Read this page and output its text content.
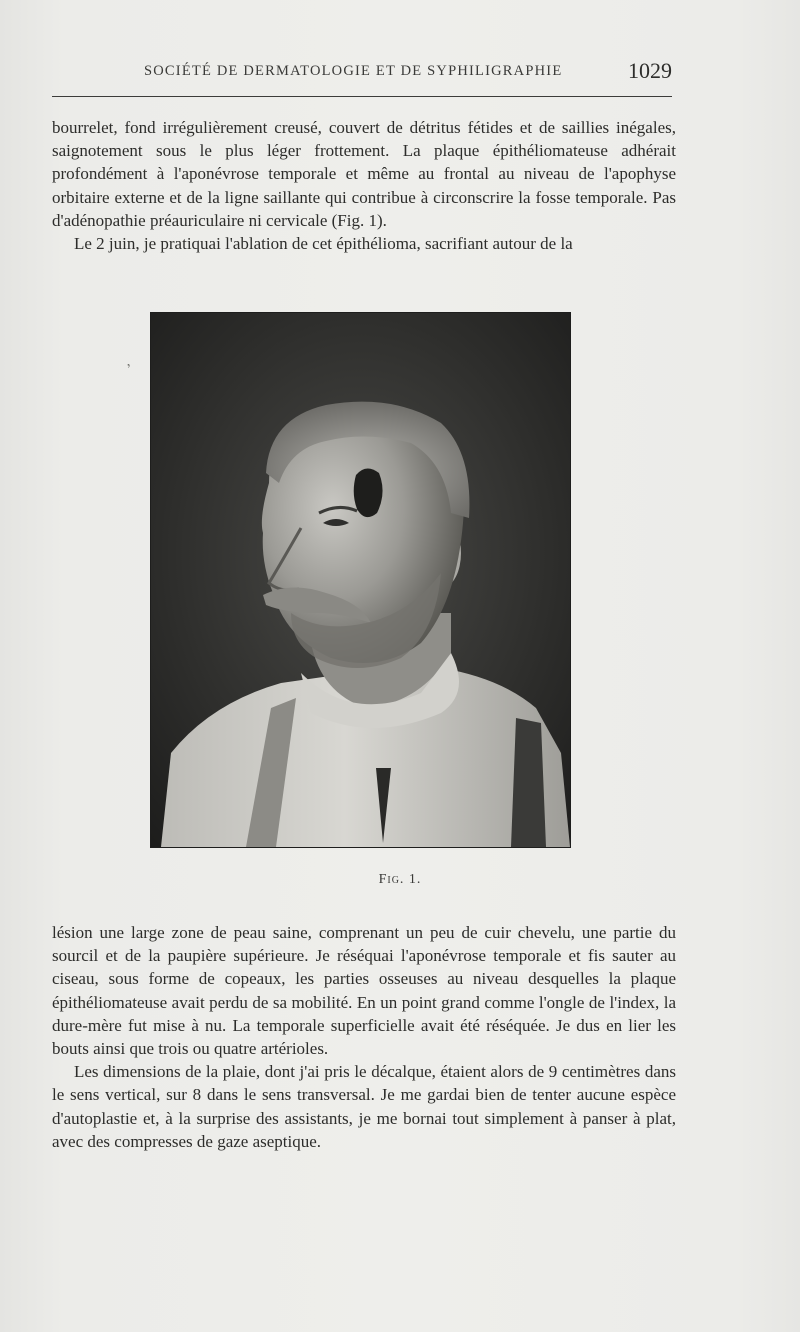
SOCIÉTÉ DE DERMATOLOGIE ET DE SYPHILIGRAPHIE	1029

bourrelet, fond irrégulièrement creusé, couvert de détritus fétides et de saillies inégales, saignotement sous le plus léger frottement. La plaque épithéliomateuse adhérait profondément à l'aponévrose temporale et même au frontal au niveau de l'apophyse orbitaire externe et de la ligne saillante qui contribue à circonscrire la fosse temporale. Pas d'adénopathie préauriculaire ni cervicale (Fig. 1).

Le 2 juin, je pratiquai l'ablation de cet épithélioma, sacrifiant autour de la

ʼ
Fig. 1.

lésion une large zone de peau saine, comprenant un peu de cuir chevelu, une partie du sourcil et de la paupière supérieure. Je réséquai l'aponévrose temporale et fis sauter au ciseau, sous forme de copeaux, les parties osseuses au niveau desquelles la plaque épithéliomateuse avait perdu de sa mobilité. En un point grand comme l'ongle de l'index, la dure-mère fut mise à nu. La temporale superficielle avait été réséquée. Je dus en lier les bouts ainsi que trois ou quatre artérioles.

Les dimensions de la plaie, dont j'ai pris le décalque, étaient alors de 9 centimètres dans le sens vertical, sur 8 dans le sens transversal. Je me gardai bien de tenter aucune espèce d'autoplastie et, à la surprise des assistants, je me bornai tout simplement à panser à plat, avec des compresses de gaze aseptique.
